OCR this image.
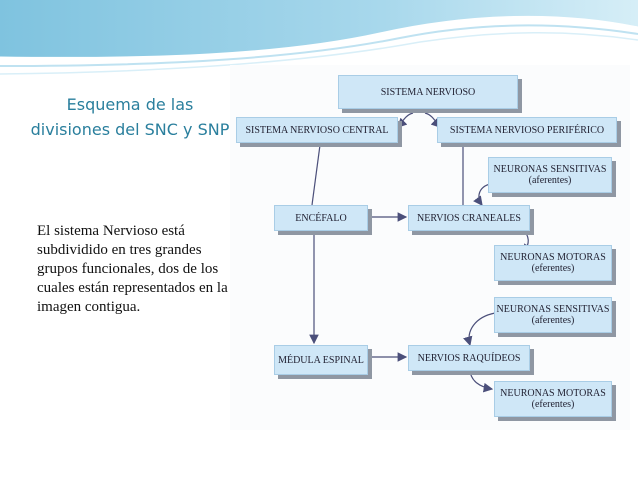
Esquema de las divisiones del SNC y SNP
El sistema Nervioso está subdividido en tres grandes grupos funcionales, dos de los cuales están representados en la imagen contigua.
SISTEMA NERVIOSO
SISTEMA NERVIOSO CENTRAL	SISTEMA NERVIOSO PERIFÉRICO
NEURONAS SENSITIVAS (aferentes)
ENCÉFALO	NERVIOS CRANEALES
NEURONAS MOTORAS (eferentes)
NEURONAS SENSITIVAS (aferentes)
MÉDULA ESPINAL	NERVIOS RAQUÍDEOS
NEURONAS MOTORAS (eferentes)
